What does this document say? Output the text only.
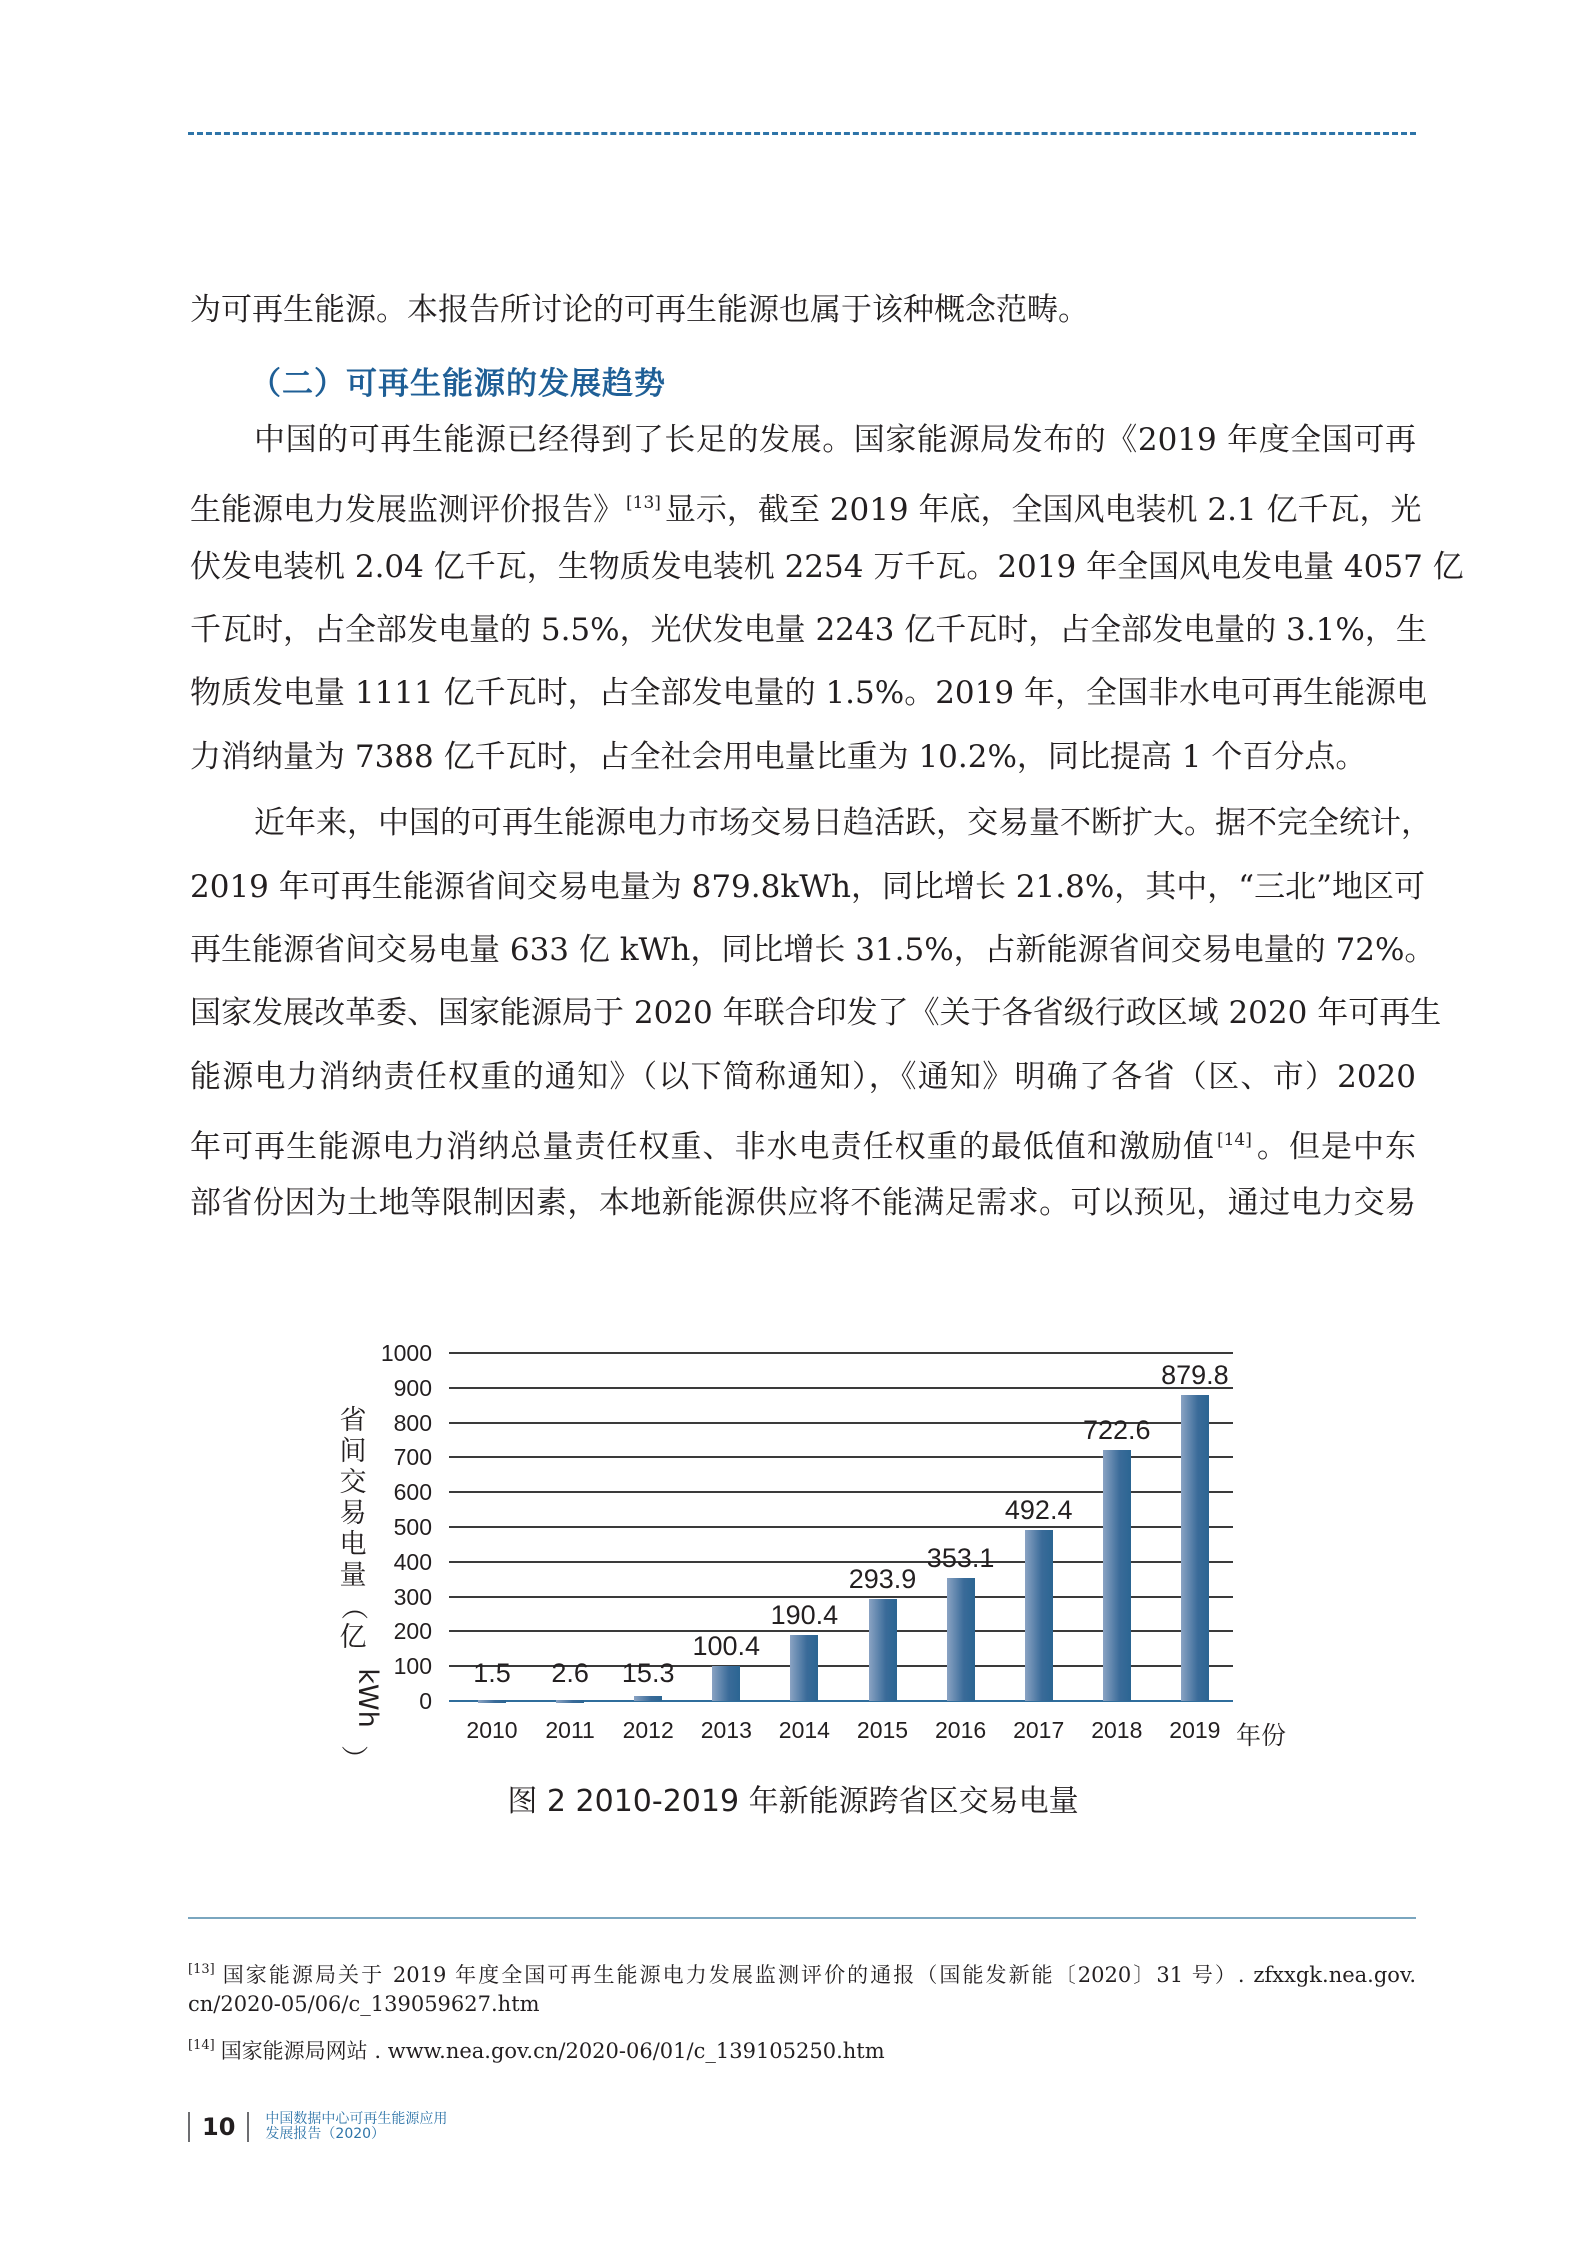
为可再生能源。本报告所讨论的可再生能源也属于该种概念范畴。
（二）可再生能源的发展趋势
中国的可再生能源已经得到了长足的发展。国家能源局发布的《2019 年度全国可再
生能源电力发展监测评价报告》 [13] 显示，截至 2019 年底，全国风电装机 2.1 亿千瓦，光
伏发电装机 2.04 亿千瓦，生物质发电装机 2254 万千瓦。2019 年全国风电发电量 4057 亿
千瓦时，占全部发电量的 5.5%，光伏发电量 2243 亿千瓦时，占全部发电量的 3.1%，生
物质发电量 1111 亿千瓦时，占全部发电量的 1.5%。2019 年，全国非水电可再生能源电
力消纳量为 7388 亿千瓦时，占全社会用电量比重为 10.2%，同比提高 1 个百分点。
近年来，中国的可再生能源电力市场交易日趋活跃，交易量不断扩大。据不完全统计，
2019 年可再生能源省间交易电量为 879.8kWh，同比增长 21.8%，其中，“三北”地区可
再生能源省间交易电量 633 亿 kWh，同比增长 31.5%，占新能源省间交易电量的 72%。
国家发展改革委、国家能源局于 2020 年联合印发了《关于各省级行政区域 2020 年可再生
能源电力消纳责任权重的通知》（以下简称通知），《通知》明确了各省（区、市）2020
年可再生能源电力消纳总量责任权重、非水电责任权重的最低值和激励值 [14] 。但是中东
部省份因为土地等限制因素，本地新能源供应将不能满足需求。可以预见，通过电力交易
省
间
交
易
电
量
（
亿
kWh
）
0
100
200
300
400
500
600
700
800
900
1000
1.5
2010
2.6
2011
15.3
2012
100.4
2013
190.4
2014
293.9
2015
353.1
2016
492.4
2017
722.6
2018
879.8
2019 年份
图 2 2010-2019 年新能源跨省区交易电量
[13] 国家能源局关于 2019 年度全国可再生能源电力发展监测评价的通报（国能发新能〔2020〕31 号）. zfxxgk.nea.gov.
cn/2020-05/06/c_139059627.htm
[14] 国家能源局网站 . www.nea.gov.cn/2020-06/01/c_139105250.htm
10 中国数据中心可再生能源应用
发展报告（2020）
